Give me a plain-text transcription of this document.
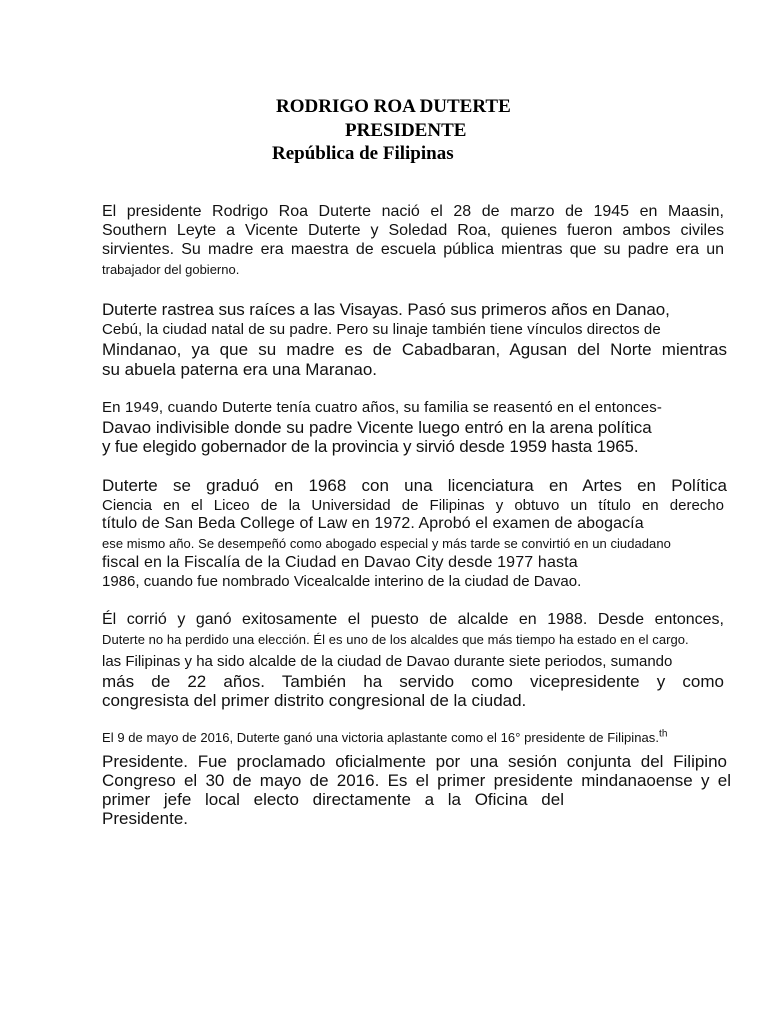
RODRIGO ROA DUTERTE
PRESIDENTE
República de Filipinas
El presidente Rodrigo Roa Duterte nació el 28 de marzo de 1945 en Maasin,
Southern Leyte a Vicente Duterte y Soledad Roa, quienes fueron ambos civiles
sirvientes. Su madre era maestra de escuela pública mientras que su padre era un
trabajador del gobierno.
Duterte rastrea sus raíces a las Visayas. Pasó sus primeros años en Danao,
Cebú, la ciudad natal de su padre. Pero su linaje también tiene vínculos directos de
Mindanao, ya que su madre es de Cabadbaran, Agusan del Norte mientras
su abuela paterna era una Maranao.
En 1949, cuando Duterte tenía cuatro años, su familia se reasentó en el entonces-
Davao indivisible donde su padre Vicente luego entró en la arena política
y fue elegido gobernador de la provincia y sirvió desde 1959 hasta 1965.
Duterte se graduó en 1968 con una licenciatura en Artes en Política
Ciencia en el Liceo de la Universidad de Filipinas y obtuvo un título en derecho
título de San Beda College of Law en 1972. Aprobó el examen de abogacía
ese mismo año. Se desempeñó como abogado especial y más tarde se convirtió en un ciudadano
fiscal en la Fiscalía de la Ciudad en Davao City desde 1977 hasta
1986, cuando fue nombrado Vicealcalde interino de la ciudad de Davao.
Él corrió y ganó exitosamente el puesto de alcalde en 1988. Desde entonces,
Duterte no ha perdido una elección. Él es uno de los alcaldes que más tiempo ha estado en el cargo.
las Filipinas y ha sido alcalde de la ciudad de Davao durante siete periodos, sumando
más de 22 años. También ha servido como vicepresidente y como
congresista del primer distrito congresional de la ciudad.
El 9 de mayo de 2016, Duterte ganó una victoria aplastante como el 16° presidente de Filipinas.$^{th}$
Presidente. Fue proclamado oficialmente por una sesión conjunta del Filipino
Congreso el 30 de mayo de 2016. Es el primer presidente mindanaoense y el
primer jefe local electo directamente a la Oficina del
Presidente.
